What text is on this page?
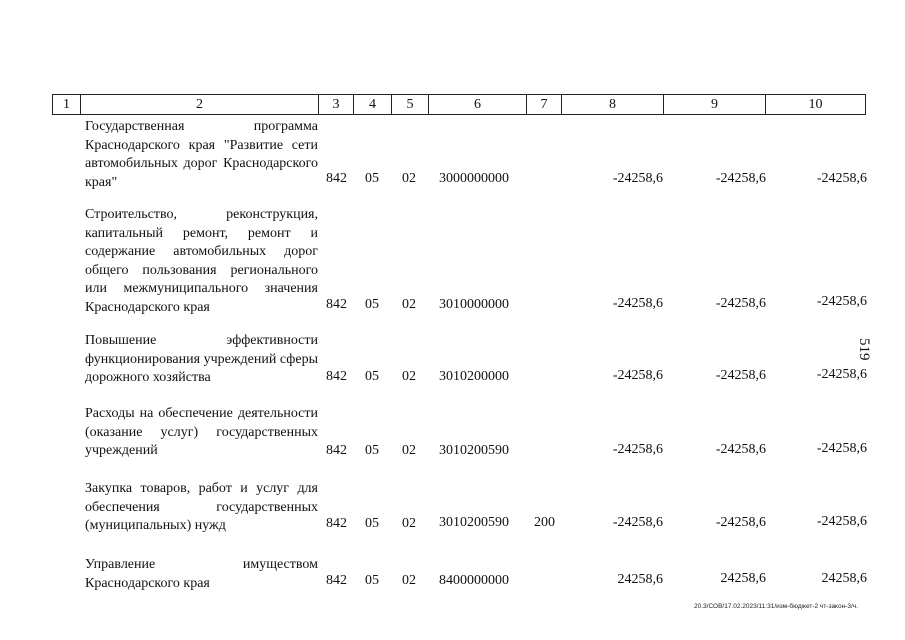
1	2	3	4	5	6	7	8	9	10
Государственная программа Краснодарского края "Развитие сети автомобильных дорог Краснодарского края"	842 05 02 3000000000	-24258,6	-24258,6	-24258,6
Строительство, реконструкция, капитальный ремонт, ремонт и содержание автомобильных дорог общего пользования регионального или межмуниципального значения Краснодарского края	842 05 02 3010000000	-24258,6	-24258,6	-24258,6
Повышение эффективности функционирования учреждений сферы дорожного хозяйства	842 05 02 3010200000	-24258,6	-24258,6	-24258,6
Расходы на обеспечение деятельности (оказание услуг) государственных учреждений	842 05 02 3010200590	-24258,6	-24258,6	-24258,6
Закупка товаров, работ и услуг для обеспечения государственных (муниципальных) нужд	842 05 02 3010200590 200	-24258,6	-24258,6	-24258,6
Управление имуществом Краснодарского края	842 05 02 8400000000	24258,6	24258,6	24258,6
519
20.3/СОВ/17.02.2023/11:31/изм-бюджет-2 чт-закон-3/ч.
